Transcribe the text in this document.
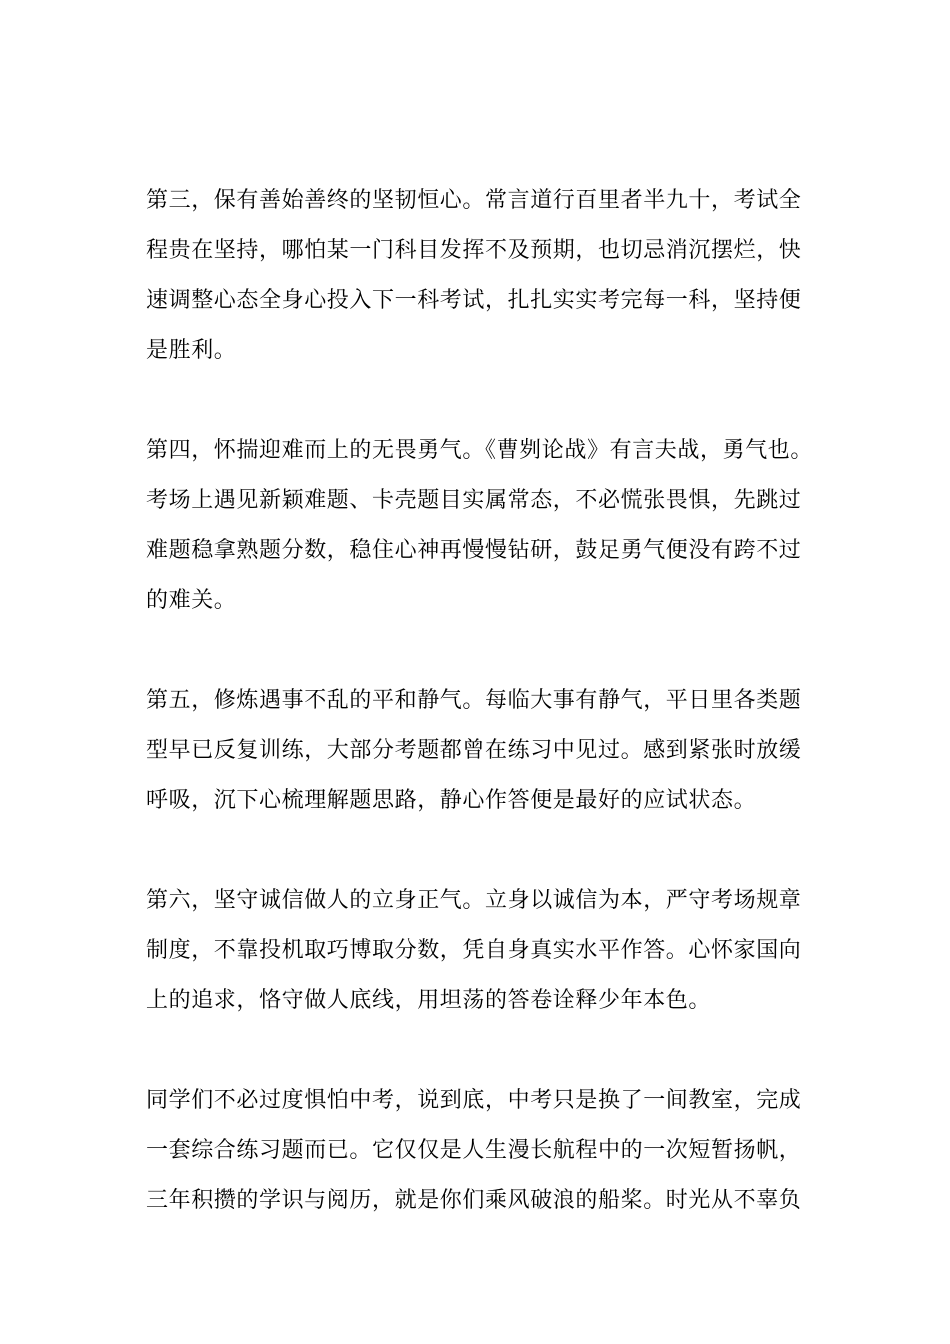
第三，保有善始善终的坚韧恒心。常言道行百里者半九十，考试全
程贵在坚持，哪怕某一门科目发挥不及预期，也切忌消沉摆烂，快
速调整心态全身心投入下一科考试，扎扎实实考完每一科，坚持便
是胜利。

第四，怀揣迎难而上的无畏勇气。《曹刿论战》有言夫战，勇气也。
考场上遇见新颖难题、卡壳题目实属常态，不必慌张畏惧，先跳过
难题稳拿熟题分数，稳住心神再慢慢钻研，鼓足勇气便没有跨不过
的难关。

第五，修炼遇事不乱的平和静气。每临大事有静气，平日里各类题
型早已反复训练，大部分考题都曾在练习中见过。感到紧张时放缓
呼吸，沉下心梳理解题思路，静心作答便是最好的应试状态。

第六，坚守诚信做人的立身正气。立身以诚信为本，严守考场规章
制度，不靠投机取巧博取分数，凭自身真实水平作答。心怀家国向
上的追求，恪守做人底线，用坦荡的答卷诠释少年本色。

同学们不必过度惧怕中考，说到底，中考只是换了一间教室，完成
一套综合练习题而已。它仅仅是人生漫长航程中的一次短暂扬帆，
三年积攒的学识与阅历，就是你们乘风破浪的船桨。时光从不辜负
